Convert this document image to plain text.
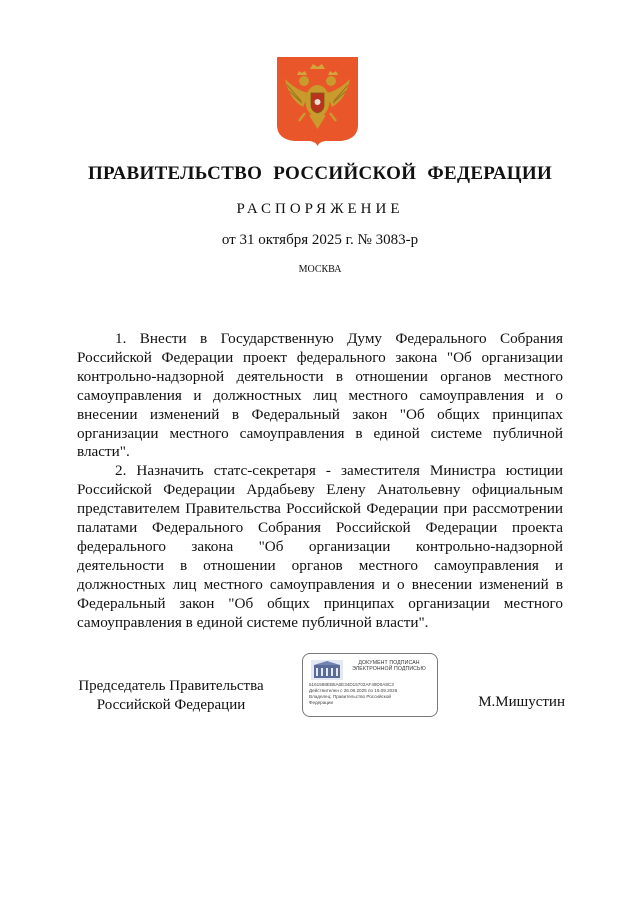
ПРАВИТЕЛЬСТВО РОССИЙСКОЙ ФЕДЕРАЦИИ
РАСПОРЯЖЕНИЕ
от 31 октября 2025 г. № 3083-р
МОСКВА

1. Внести в Государственную Думу Федерального Собрания Российской Федерации проект федерального закона "Об организации контрольно-надзорной деятельности в отношении органов местного самоуправления и должностных лиц местного самоуправления и о внесении изменений в Федеральный закон "Об общих принципах организации местного самоуправления в единой системе публичной власти".

2. Назначить статс-секретаря - заместителя Министра юстиции Российской Федерации Ардабьеву Елену Анатольевну официальным представителем Правительства Российской Федерации при рассмотрении палатами Федерального Собрания Российской Федерации проекта федерального закона "Об организации контрольно-надзорной деятельности в отношении органов местного самоуправления и должностных лиц местного самоуправления и о внесении изменений в Федеральный закон "Об общих принципах организации местного самоуправления в единой системе публичной власти".

Председатель Правительства
Российской Федерации
ДОКУМЕНТ ПОДПИСАН
ЭЛЕКТРОННОЙ ПОДПИСЬЮ
5161588EB5A0E34D15702AF49D0A8C3
Действителен с 26.06.2025 по 19.09.2026
Владелец: Правительство Российской
Федерации	М.Мишустин
